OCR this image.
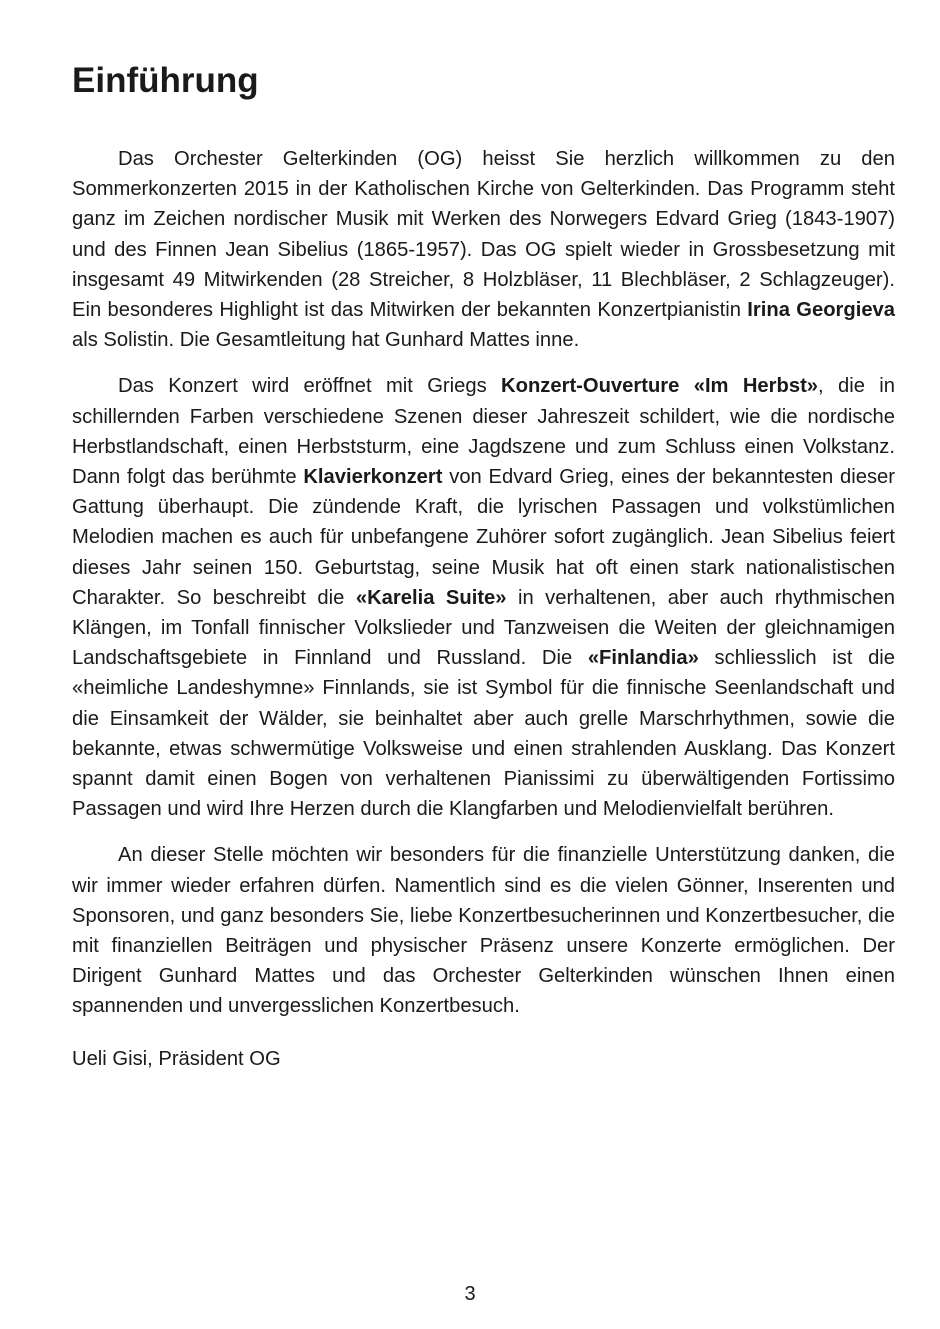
Einführung

Das Orchester Gelterkinden (OG) heisst Sie herzlich willkommen zu den Sommerkonzerten 2015 in der Katholischen Kirche von Gelterkinden. Das Programm steht ganz im Zeichen nordischer Musik mit Werken des Norwegers Edvard Grieg (1843-1907) und des Finnen Jean Sibelius (1865-1957). Das OG spielt wieder in Grossbesetzung mit insgesamt 49 Mitwirkenden (28 Streicher, 8 Holzbläser, 11 Blechbläser, 2 Schlagzeuger). Ein besonderes Highlight ist das Mitwirken der bekannten Konzertpianistin Irina Georgieva als Solistin. Die Gesamtleitung hat Gunhard Mattes inne.

Das Konzert wird eröffnet mit Griegs Konzert-Ouverture «Im Herbst», die in schillernden Farben verschiedene Szenen dieser Jahreszeit schildert, wie die nordische Herbstlandschaft, einen Herbststurm, eine Jagdszene und zum Schluss einen Volkstanz. Dann folgt das berühmte Klavierkonzert von Edvard Grieg, eines der bekanntesten dieser Gattung überhaupt. Die zündende Kraft, die lyrischen Passagen und volkstümlichen Melodien machen es auch für unbefangene Zuhörer sofort zugänglich. Jean Sibelius feiert dieses Jahr seinen 150. Geburtstag, seine Musik hat oft einen stark nationalistischen Charakter. So beschreibt die «Karelia Suite» in verhaltenen, aber auch rhythmischen Klängen, im Tonfall finnischer Volkslieder und Tanzweisen die Weiten der gleichnamigen Landschaftsgebiete in Finnland und Russland. Die «Finlandia» schliesslich ist die «heimliche Landeshymne» Finnlands, sie ist Symbol für die finnische Seenlandschaft und die Einsamkeit der Wälder, sie beinhaltet aber auch grelle Marschrhythmen, sowie die bekannte, etwas schwermütige Volksweise und einen strahlenden Ausklang. Das Konzert spannt damit einen Bogen von verhaltenen Pianissimi zu überwältigenden Fortissimo Passagen und wird Ihre Herzen durch die Klangfarben und Melodienvielfalt berühren.

An dieser Stelle möchten wir besonders für die finanzielle Unterstützung danken, die wir immer wieder erfahren dürfen. Namentlich sind es die vielen Gönner, Inserenten und Sponsoren, und ganz besonders Sie, liebe Konzertbesucherinnen und Konzertbesucher, die mit finanziellen Beiträgen und physischer Präsenz unsere Konzerte ermöglichen. Der Dirigent Gunhard Mattes und das Orchester Gelterkinden wünschen Ihnen einen spannenden und unvergesslichen Konzertbesuch.

Ueli Gisi, Präsident OG

3
